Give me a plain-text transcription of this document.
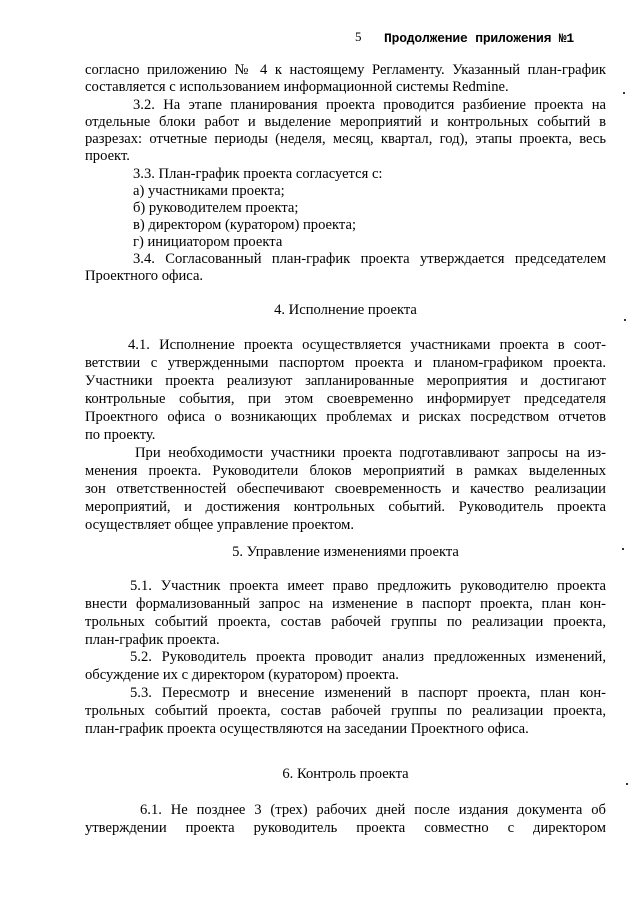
5 Продолжение приложения №1
согласно приложению № 4 к настоящему Регламенту. Указанный план-график
составляется с использованием информационной системы Redmine.
3.2. На этапе планирования проекта проводится разбиение проекта на
отдельные блоки работ и выделение мероприятий и контрольных событий в
разрезах: отчетные периоды (неделя, месяц, квартал, год), этапы проекта, весь
проект.
3.3. План-график проекта согласуется с:
а) участниками проекта;
б) руководителем проекта;
в) директором (куратором) проекта;
г) инициатором проекта
3.4. Согласованный план-график проекта утверждается председателем
Проектного офиса.
4. Исполнение проекта
4.1. Исполнение проекта осуществляется участниками проекта в соот-
ветствии с утвержденными паспортом проекта и планом-графиком проекта.
Участники проекта реализуют запланированные мероприятия и достигают
контрольные события, при этом своевременно информирует председателя
Проектного офиса о возникающих проблемах и рисках посредством отчетов
по проекту.
При необходимости участники проекта подготавливают запросы на из-
менения проекта. Руководители блоков мероприятий в рамках выделенных
зон ответственностей обеспечивают своевременность и качество реализации
мероприятий, и достижения контрольных событий. Руководитель проекта
осуществляет общее управление проектом.
5. Управление изменениями проекта
5.1. Участник проекта имеет право предложить руководителю проекта
внести формализованный запрос на изменение в паспорт проекта, план кон-
трольных событий проекта, состав рабочей группы по реализации проекта,
план-график проекта.
5.2. Руководитель проекта проводит анализ предложенных изменений,
обсуждение их с директором (куратором) проекта.
5.3. Пересмотр и внесение изменений в паспорт проекта, план кон-
трольных событий проекта, состав рабочей группы по реализации проекта,
план-график проекта осуществляются на заседании Проектного офиса.
6. Контроль проекта
6.1. Не позднее 3 (трех) рабочих дней после издания документа об
утверждении проекта руководитель проекта совместно с директором
